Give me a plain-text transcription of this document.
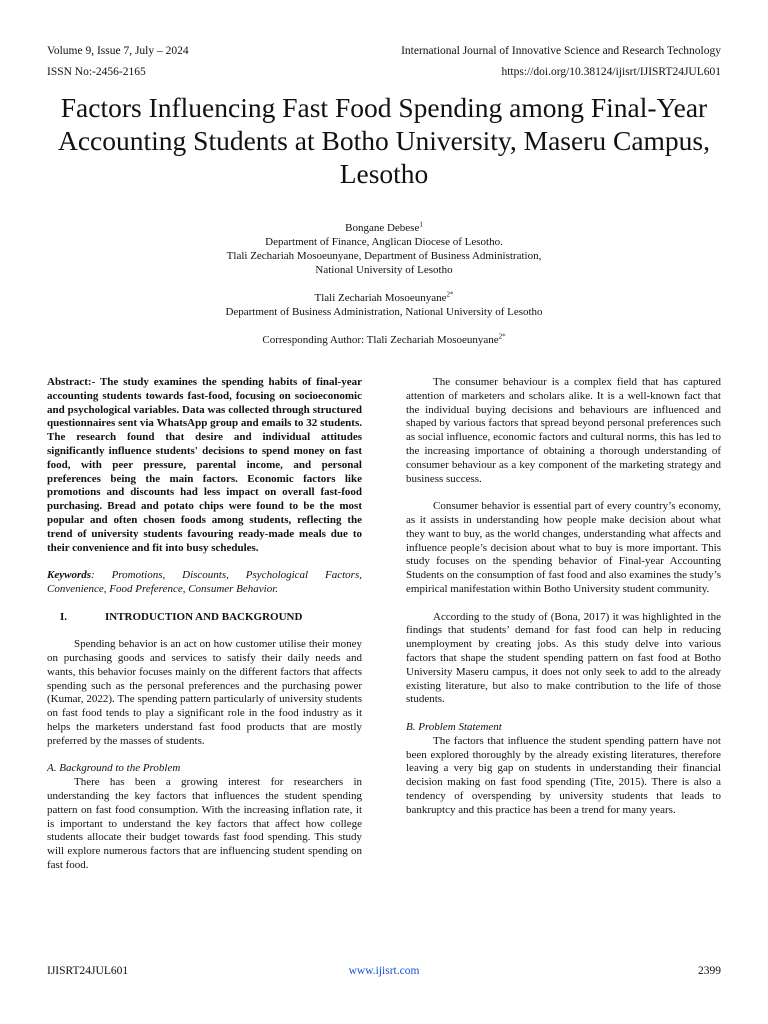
Volume 9, Issue 7, July – 2024
ISSN No:-2456-2165
International Journal of Innovative Science and Research Technology
https://doi.org/10.38124/ijisrt/IJISRT24JUL601
Factors Influencing Fast Food Spending among Final-Year Accounting Students at Botho University, Maseru Campus, Lesotho
Bongane Debese$^1$
Department of Finance, Anglican Diocese of Lesotho.
Tlali Zechariah Mosoeunyane, Department of Business Administration,
National University of Lesotho
Tlali Zechariah Mosoeunyane$^{2*}$
Department of Business Administration, National University of Lesotho
Corresponding Author: Tlali Zechariah Mosoeunyane$^{2*}$

Abstract:- The study examines the spending habits of final-year accounting students towards fast-food, focusing on socioeconomic and psychological variables. Data was collected through structured questionnaires sent via WhatsApp group and emails to 32 students. The research found that desire and individual attitudes significantly influence students' decisions to spend money on fast food, with peer pressure, parental income, and personal preferences being the main factors. Economic factors like promotions and discounts had less impact on overall fast-food purchasing. Bread and potato chips were found to be the most popular and often chosen foods among students, reflecting the trend of university students favouring ready-made meals due to their convenience and fit into busy schedules.

Keywords: Promotions, Discounts, Psychological Factors, Convenience, Food Preference, Consumer Behavior.

I.	INTRODUCTION AND BACKGROUND

Spending behavior is an act on how customer utilise their money on purchasing goods and services to satisfy their daily needs and wants, this behavior focuses mainly on the different factors that affects spending such as the personal preferences and the purchasing power (Kumar, 2022). The spending pattern particularly of university students on fast food tends to play a significant role in the food industry as it helps the marketers understand fast food products that are mostly preferred by the masses of students.

A. Background to the Problem

There has been a growing interest for researchers in understanding the key factors that influences the student spending pattern on fast food consumption. With the increasing inflation rate, it is important to understand the key factors that affect how college students allocate their budget towards fast food spending. This study will explore numerous factors that are influencing student spending on fast food.

The consumer behaviour is a complex field that has captured attention of marketers and scholars alike. It is a well-known fact that the individual buying decisions and behaviours are influenced and shaped by various factors that spread beyond personal preferences such as social influence, economic factors and cultural norms, this has led to the increasing importance of obtaining a thorough understanding of consumer behaviour as a key component of the marketing strategy and business success.

Consumer behavior is essential part of every country’s economy, as it assists in understanding how people make decision about what they want to buy, as the world changes, understanding what affects and influence people’s decision about what to buy is more important. This study focuses on the spending behavior of Final-year Accounting Students on the consumption of fast food and also examines the study’s empirical manifestation within Botho University student community.

According to the study of (Bona, 2017) it was highlighted in the findings that students’ demand for fast food can help in reducing unemployment by creating jobs. As this study delve into various factors that shape the student spending pattern on fast food at Botho University Maseru campus, it does not only seek to add to the already existing literature, but also to make contribution to the life of those students.

B. Problem Statement

The factors that influence the student spending pattern have not been explored thoroughly by the already existing literatures, therefore leaving a very big gap on students in understanding their financial decision making on fast food spending (Tite, 2015). There is also a tendency of overspending by university students that leads to bankruptcy and this practice has been a trend for many years.

IJISRT24JUL601	www.ijisrt.com	2399
